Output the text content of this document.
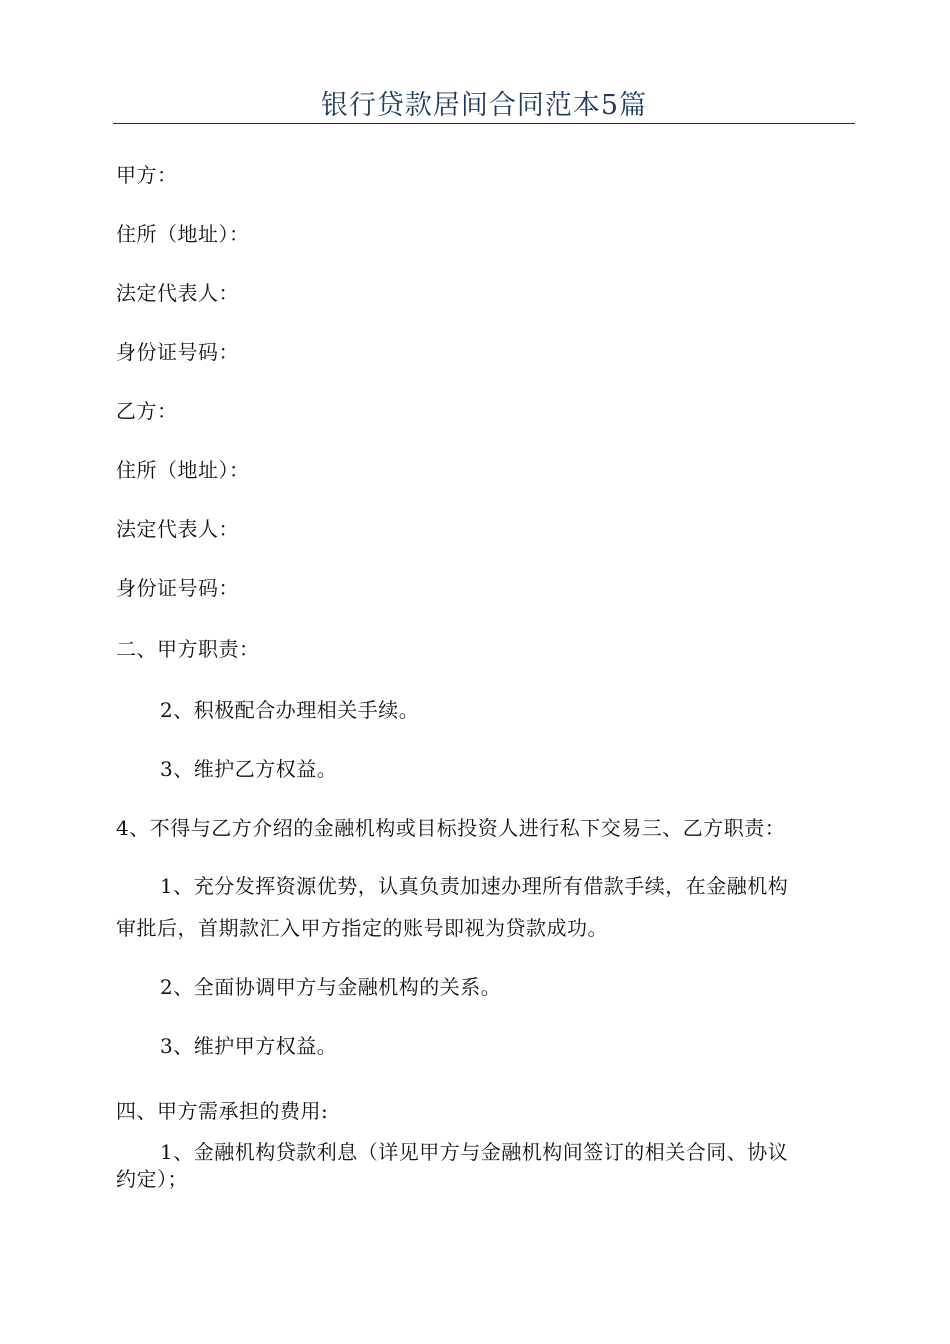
银行贷款居间合同范本5篇
甲方：
住所（地址）：
法定代表人：
身份证号码：
乙方：
住所（地址）：
法定代表人：
身份证号码：
二、甲方职责：
2、积极配合办理相关手续。
3、维护乙方权益。
4、不得与乙方介绍的金融机构或目标投资人进行私下交易三、乙方职责：
1、充分发挥资源优势，认真负责加速办理所有借款手续，在金融机构
审批后，首期款汇入甲方指定的账号即视为贷款成功。
2、全面协调甲方与金融机构的关系。
3、维护甲方权益。
四、甲方需承担的费用:
1、金融机构贷款利息（详见甲方与金融机构间签订的相关合同、协议
约定）；
